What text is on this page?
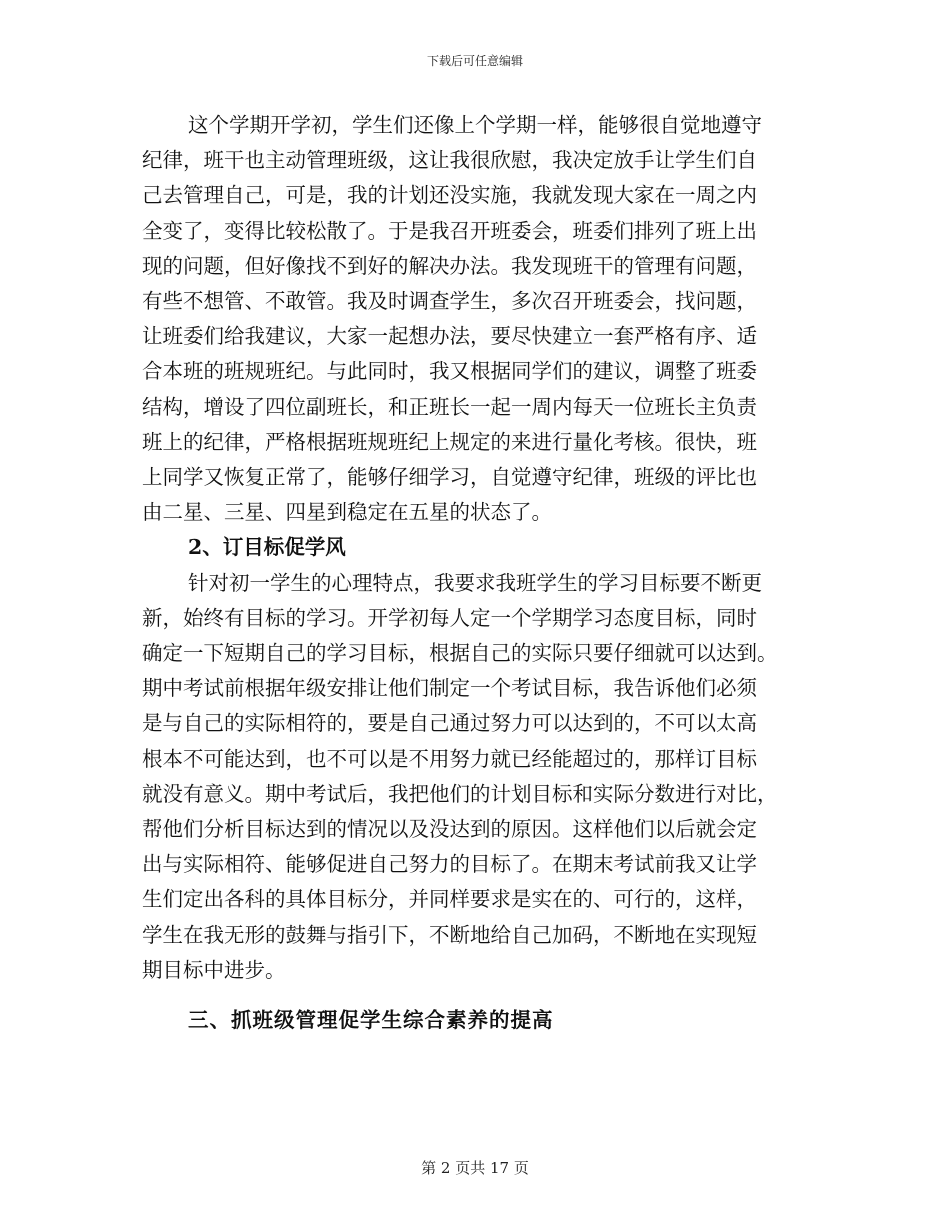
下载后可任意编辑

这个学期开学初，学生们还像上个学期一样，能够很自觉地遵守
纪律，班干也主动管理班级，这让我很欣慰，我决定放手让学生们自
己去管理自己，可是，我的计划还没实施，我就发现大家在一周之内
全变了，变得比较松散了。于是我召开班委会，班委们排列了班上出
现的问题，但好像找不到好的解决办法。我发现班干的管理有问题，
有些不想管、不敢管。我及时调查学生，多次召开班委会，找问题，
让班委们给我建议，大家一起想办法，要尽快建立一套严格有序、适
合本班的班规班纪。与此同时，我又根据同学们的建议，调整了班委
结构，增设了四位副班长，和正班长一起一周内每天一位班长主负责
班上的纪律，严格根据班规班纪上规定的来进行量化考核。很快，班
上同学又恢复正常了，能够仔细学习，自觉遵守纪律，班级的评比也
由二星、三星、四星到稳定在五星的状态了。

2、订目标促学风

针对初一学生的心理特点，我要求我班学生的学习目标要不断更
新，始终有目标的学习。开学初每人定一个学期学习态度目标，同时
确定一下短期自己的学习目标，根据自己的实际只要仔细就可以达到。
期中考试前根据年级安排让他们制定一个考试目标，我告诉他们必须
是与自己的实际相符的，要是自己通过努力可以达到的，不可以太高
根本不可能达到，也不可以是不用努力就已经能超过的，那样订目标
就没有意义。期中考试后，我把他们的计划目标和实际分数进行对比，
帮他们分析目标达到的情况以及没达到的原因。这样他们以后就会定
出与实际相符、能够促进自己努力的目标了。在期末考试前我又让学
生们定出各科的具体目标分，并同样要求是实在的、可行的，这样，
学生在我无形的鼓舞与指引下，不断地给自己加码，不断地在实现短
期目标中进步。

三、抓班级管理促学生综合素养的提高
第 2 页共 17 页
